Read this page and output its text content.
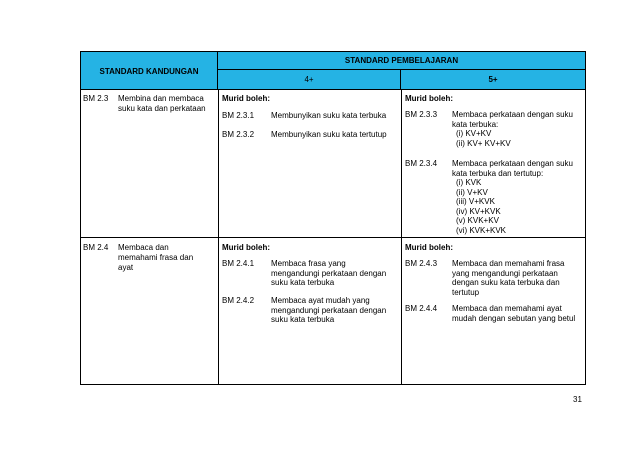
STANDARD KANDUNGAN
STANDARD PEMBELAJARAN
4+	5+
BM 2.3 Membina dan membaca
suku kata dan perkataan
Murid boleh:
BM 2.3.1 Membunyikan suku kata terbuka
BM 2.3.2 Membunyikan suku kata tertutup
Murid boleh:
BM 2.3.3 Membaca perkataan dengan suku
kata terbuka:
(i) KV+KV
(ii) KV+ KV+KV
BM 2.3.4 Membaca perkataan dengan suku
kata terbuka dan tertutup:
(i) KVK
(ii) V+KV
(iii) V+KVK
(iv) KV+KVK
(v) KVK+KV
(vi) KVK+KVK
BM 2.4 Membaca dan
memahami frasa dan
ayat
Murid boleh:
BM 2.4.1 Membaca frasa yang
mengandungi perkataan dengan
suku kata terbuka
BM 2.4.2 Membaca ayat mudah yang
mengandungi perkataan dengan
suku kata terbuka
Murid boleh:
BM 2.4.3 Membaca dan memahami frasa
yang mengandungi perkataan
dengan suku kata terbuka dan
tertutup
BM 2.4.4 Membaca dan memahami ayat
mudah dengan sebutan yang betul
31
